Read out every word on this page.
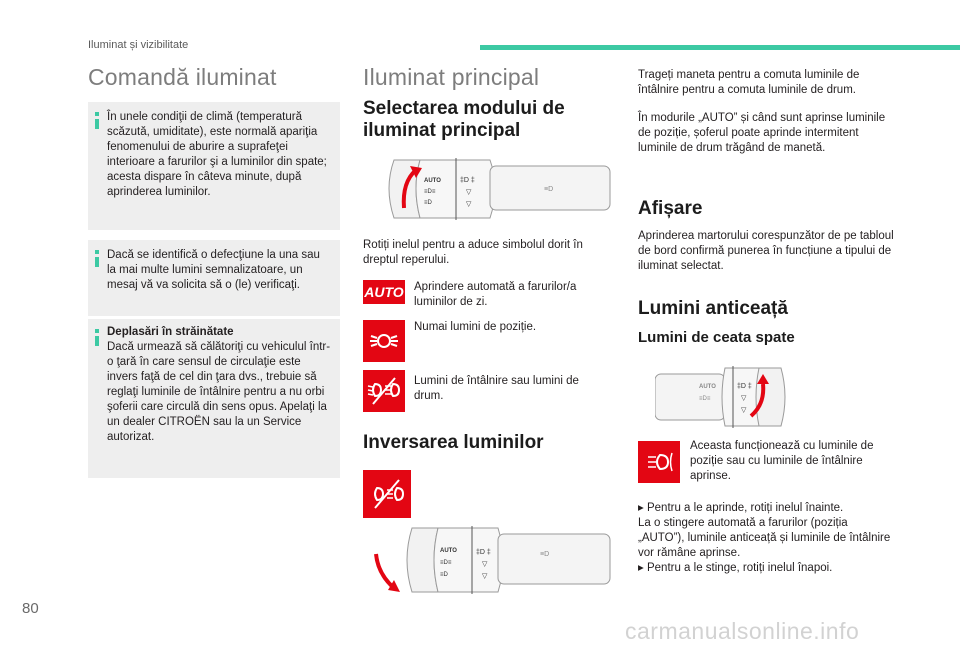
Iluminat și vizibilitate
Comandă iluminat
În unele condiţii de climă (temperatură scăzută, umiditate), este normală apariţia fenomenului de aburire a suprafeţei interioare a farurilor şi a luminilor din spate; acesta dispare în câteva minute, după aprinderea luminilor.
Dacă se identifică o defecţiune la una sau la mai multe lumini semnalizatoare, un mesaj vă va solicita să o (le) verificaţi.
Deplasări în străinătate
Dacă urmează să călătoriţi cu vehiculul într-o ţară în care sensul de circulaţie este invers faţă de cel din ţara dvs., trebuie să reglaţi luminile de întâlnire pentru a nu orbi şoferii care circulă din sens opus. Apelaţi la un dealer CITROËN sau la un Service autorizat.
Iluminat principal
Selectarea modului de iluminat principal
AUTO
≡D≡
≡D
‡D ‡
▽
▽
≡D
Rotiți inelul pentru a aduce simbolul dorit în dreptul reperului.
AUTO Aprindere automată a farurilor/a luminilor de zi.
Numai lumini de poziție.
Lumini de întâlnire sau lumini de drum.
Inversarea luminilor
AUTO
≡D≡
≡D
‡D ‡
▽
▽
≡D
Trageți maneta pentru a comuta luminile de întâlnire pentru a comuta luminile de drum.
În modurile „AUTO” și când sunt aprinse luminile de poziție, șoferul poate aprinde intermitent luminile de drum trăgând de manetă.
Afișare
Aprinderea martorului corespunzător de pe tabloul de bord confirmă punerea în funcțiune a tipului de iluminat selectat.
Lumini anticeață
Lumini de ceata spate
AUTO
≡D≡
‡D ‡
▽
▽
Aceasta funcționează cu luminile de poziție sau cu luminile de întâlnire aprinse.
▸ Pentru a le aprinde, rotiți inelul înainte.
La o stingere automată a farurilor (poziția „AUTO”), luminile anticeață și luminile de întâlnire vor rămâne aprinse.
▸ Pentru a le stinge, rotiți inelul înapoi.
80
carmanualsonline.info
